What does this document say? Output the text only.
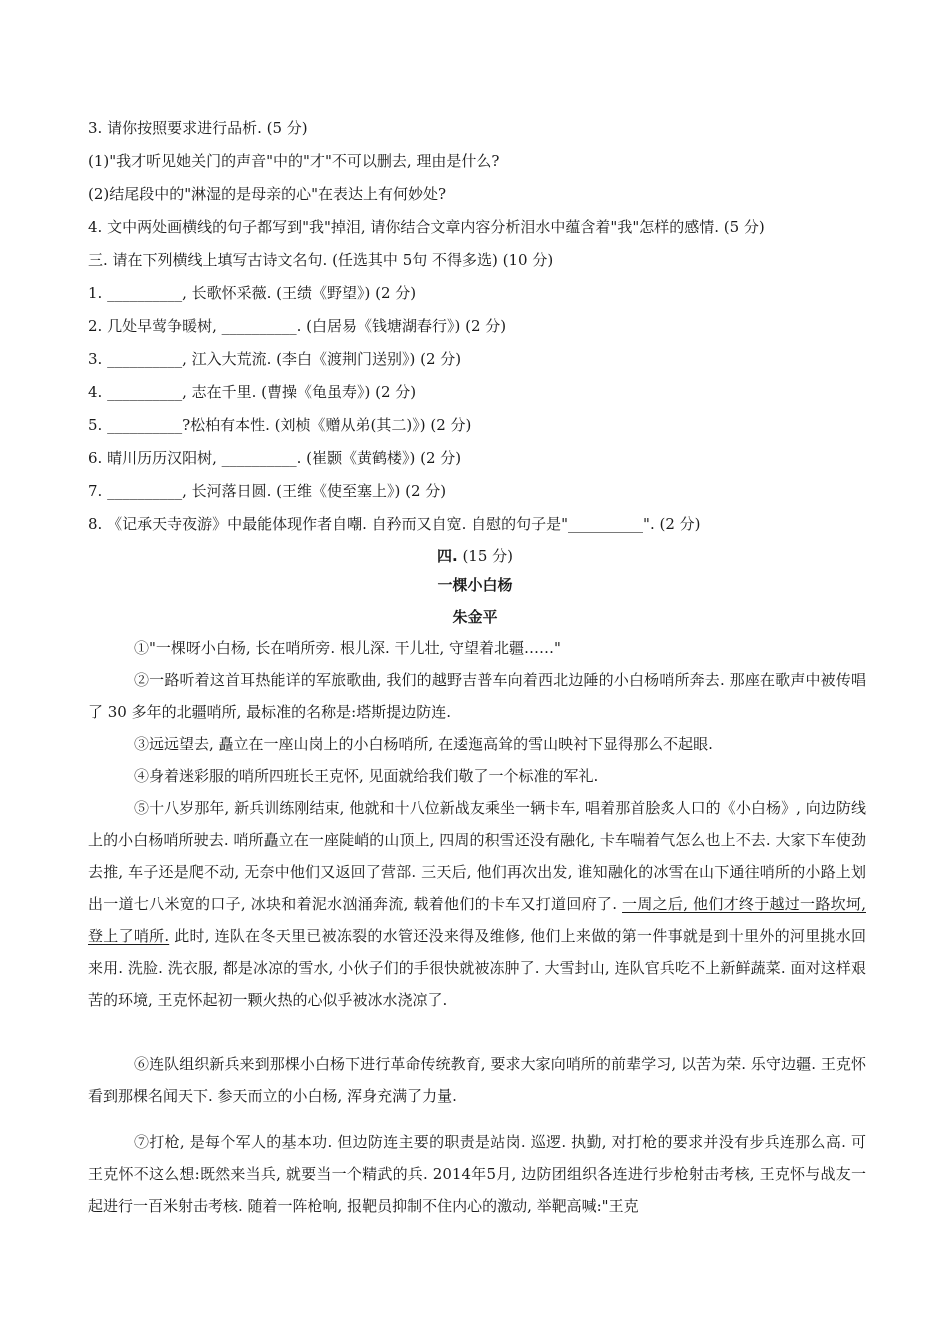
3. 请你按照要求进行品析. (5 分)
(1)"我才听见她关门的声音"中的"才"不可以删去, 理由是什么?
(2)结尾段中的"淋湿的是母亲的心"在表达上有何妙处?
4. 文中两处画横线的句子都写到"我"掉泪, 请你结合文章内容分析泪水中蕴含着"我"怎样的感情. (5 分)
三. 请在下列横线上填写古诗文名句. (任选其中 5句 不得多选) (10 分)
1. __________, 长歌怀采薇. (王绩《野望》) (2 分)
2. 几处早莺争暖树, __________. (白居易《钱塘湖春行》) (2 分)
3. __________, 江入大荒流. (李白《渡荆门送别》) (2 分)
4. __________, 志在千里. (曹操《龟虽寿》) (2 分)
5. __________?松柏有本性. (刘桢《赠从弟(其二)》) (2 分)
6. 晴川历历汉阳树, __________. (崔颢《黄鹤楼》) (2 分)
7. __________, 长河落日圆. (王维《使至塞上》) (2 分)
8. 《记承天寺夜游》中最能体现作者自嘲. 自矜而又自宽. 自慰的句子是"__________". (2 分)
四. (15 分)
一棵小白杨
朱金平
①"一棵呀小白杨, 长在哨所旁. 根儿深. 干儿壮, 守望着北疆……"
②一路听着这首耳热能详的军旅歌曲, 我们的越野吉普车向着西北边陲的小白杨哨所奔去. 那座在歌声中被传唱了 30 多年的北疆哨所, 最标准的名称是:塔斯提边防连.
③远远望去, 矗立在一座山岗上的小白杨哨所, 在逶迤高耸的雪山映衬下显得那么不起眼.
④身着迷彩服的哨所四班长王克怀, 见面就给我们敬了一个标准的军礼.
⑤十八岁那年, 新兵训练刚结束, 他就和十八位新战友乘坐一辆卡车, 唱着那首脍炙人口的《小白杨》, 向边防线上的小白杨哨所驶去. 哨所矗立在一座陡峭的山顶上, 四周的积雪还没有融化, 卡车喘着气怎么也上不去. 大家下车使劲去推, 车子还是爬不动, 无奈中他们又返回了营部. 三天后, 他们再次出发, 谁知融化的冰雪在山下通往哨所的小路上划出一道七八米宽的口子, 冰块和着泥水汹涌奔流, 载着他们的卡车又打道回府了. 一周之后, 他们才终于越过一路坎坷, 登上了哨所. 此时, 连队在冬天里已被冻裂的水管还没来得及维修, 他们上来做的第一件事就是到十里外的河里挑水回来用. 洗脸. 洗衣服, 都是冰凉的雪水, 小伙子们的手很快就被冻肿了. 大雪封山, 连队官兵吃不上新鲜蔬菜. 面对这样艰苦的环境, 王克怀起初一颗火热的心似乎被冰水浇凉了.
⑥连队组织新兵来到那棵小白杨下进行革命传统教育, 要求大家向哨所的前辈学习, 以苦为荣. 乐守边疆. 王克怀看到那棵名闻天下. 参天而立的小白杨, 浑身充满了力量.
⑦打枪, 是每个军人的基本功. 但边防连主要的职责是站岗. 巡逻. 执勤, 对打枪的要求并没有步兵连那么高. 可王克怀不这么想:既然来当兵, 就要当一个精武的兵. 2014年5月, 边防团组织各连进行步枪射击考核, 王克怀与战友一起进行一百米射击考核. 随着一阵枪响, 报靶员抑制不住内心的激动, 举靶高喊:"王克
